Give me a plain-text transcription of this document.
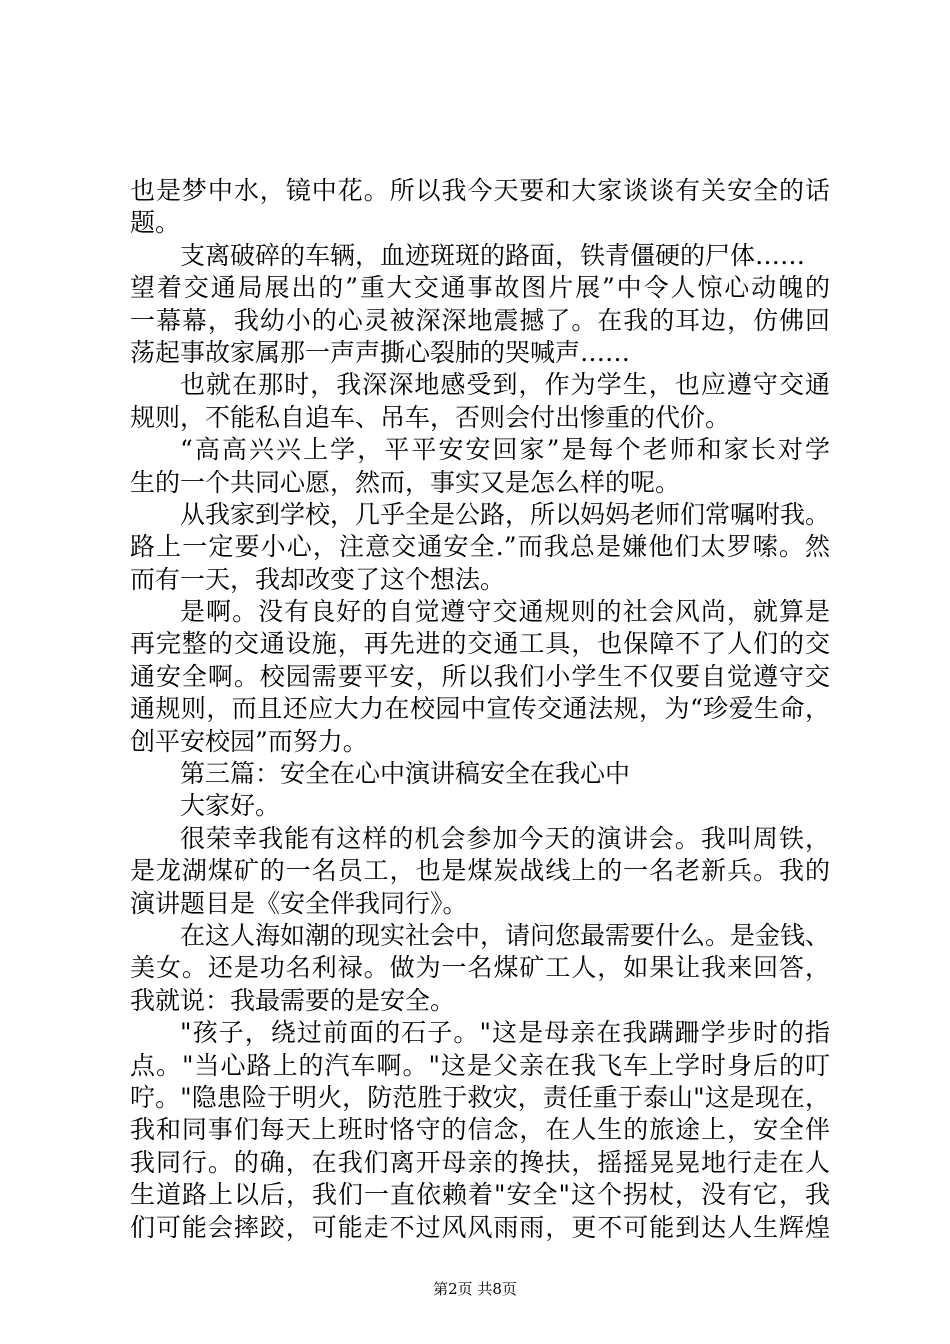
也是梦中水，镜中花。所以我今天要和大家谈谈有关安全的话
题。
支离破碎的车辆，血迹斑斑的路面，铁青僵硬的尸体……
望着交通局展出的”重大交通事故图片展”中令人惊心动魄的
一幕幕，我幼小的心灵被深深地震撼了。在我的耳边，仿佛回
荡起事故家属那一声声撕心裂肺的哭喊声……
也就在那时，我深深地感受到，作为学生，也应遵守交通
规则，不能私自追车、吊车，否则会付出惨重的代价。
“高高兴兴上学，平平安安回家”是每个老师和家长对学
生的一个共同心愿，然而，事实又是怎么样的呢。
从我家到学校，几乎全是公路，所以妈妈老师们常嘱咐我。
路上一定要小心，注意交通安全.”而我总是嫌他们太罗嗦。然
而有一天，我却改变了这个想法。
是啊。没有良好的自觉遵守交通规则的社会风尚，就算是
再完整的交通设施，再先进的交通工具，也保障不了人们的交
通安全啊。校园需要平安，所以我们小学生不仅要自觉遵守交
通规则，而且还应大力在校园中宣传交通法规，为“珍爱生命，
创平安校园”而努力。
第三篇：安全在心中演讲稿安全在我心中
大家好。
很荣幸我能有这样的机会参加今天的演讲会。我叫周铁，
是龙湖煤矿的一名员工，也是煤炭战线上的一名老新兵。我的
演讲题目是《安全伴我同行》。
在这人海如潮的现实社会中，请问您最需要什么。是金钱、
美女。还是功名利禄。做为一名煤矿工人，如果让我来回答，
我就说：我最需要的是安全。
"孩子，绕过前面的石子。"这是母亲在我蹒跚学步时的指
点。"当心路上的汽车啊。"这是父亲在我飞车上学时身后的叮
咛。"隐患险于明火，防范胜于救灾，责任重于泰山"这是现在，
我和同事们每天上班时恪守的信念，在人生的旅途上，安全伴
我同行。的确，在我们离开母亲的搀扶，摇摇晃晃地行走在人
生道路上以后，我们一直依赖着"安全"这个拐杖，没有它，我
们可能会摔跤，可能走不过风风雨雨，更不可能到达人生辉煌
第2页 共8页
